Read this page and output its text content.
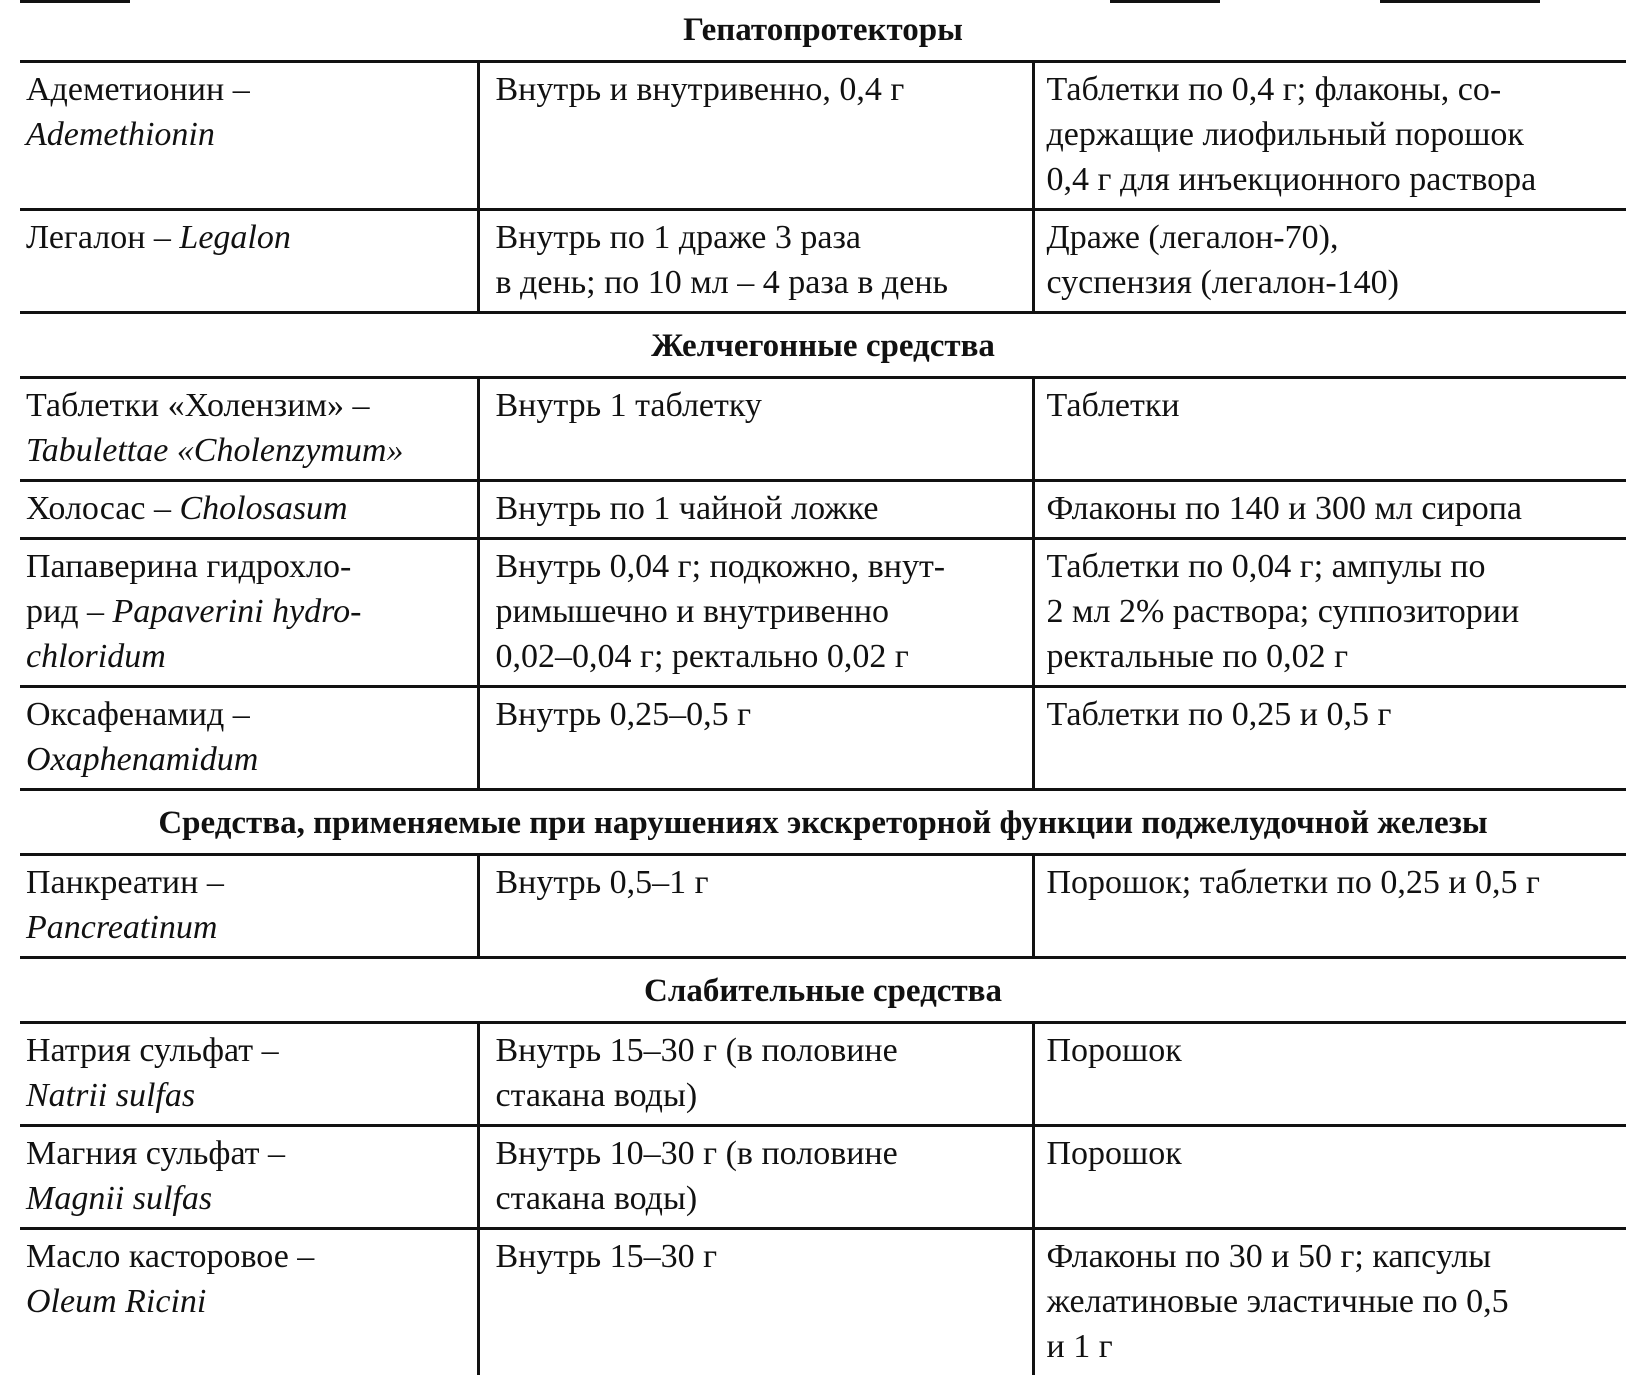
Гепатопротекторы		

Адеметионин –
Ademethionin	Внутрь и внутривенно, 0,4 г	Таблетки по 0,4 г; флаконы, со-
держащие лиофильный порошок
0,4 г для инъекционного раствора

Легалон – Legalon	Внутрь по 1 драже 3 раза
в день; по 10 мл – 4 раза в день	Драже (легалон-70),
суспензия (легалон-140)

Желчегонные средства		

Таблетки «Холензим» –
Tabulettae «Cholenzymum»	Внутрь 1 таблетку	Таблетки

Холосас – Cholosasum	Внутрь по 1 чайной ложке	Флаконы по 140 и 300 мл сиропа

Папаверина гидрохло-
рид – Papaverini hydro-
chloridum	Внутрь 0,04 г; подкожно, внут-
римышечно и внутривенно
0,02–0,04 г; ректально 0,02 г	Таблетки по 0,04 г; ампулы по
2 мл 2% раствора; суппозитории
ректальные по 0,02 г

Оксафенамид –
Oxaphenamidum	Внутрь 0,25–0,5 г	Таблетки по 0,25 и 0,5 г

Средства, применяемые при нарушениях экскреторной функции поджелудочной железы		

Панкреатин –
Pancreatinum	Внутрь 0,5–1 г	Порошок; таблетки по 0,25 и 0,5 г

Слабительные средства		

Натрия сульфат –
Natrii sulfas	Внутрь 15–30 г (в половине
стакана воды)	Порошок

Магния сульфат –
Magnii sulfas	Внутрь 10–30 г (в половине
стакана воды)	Порошок

Масло касторовое –
Oleum Ricini	Внутрь 15–30 г	Флаконы по 30 и 50 г; капсулы
желатиновые эластичные по 0,5
и 1 г
